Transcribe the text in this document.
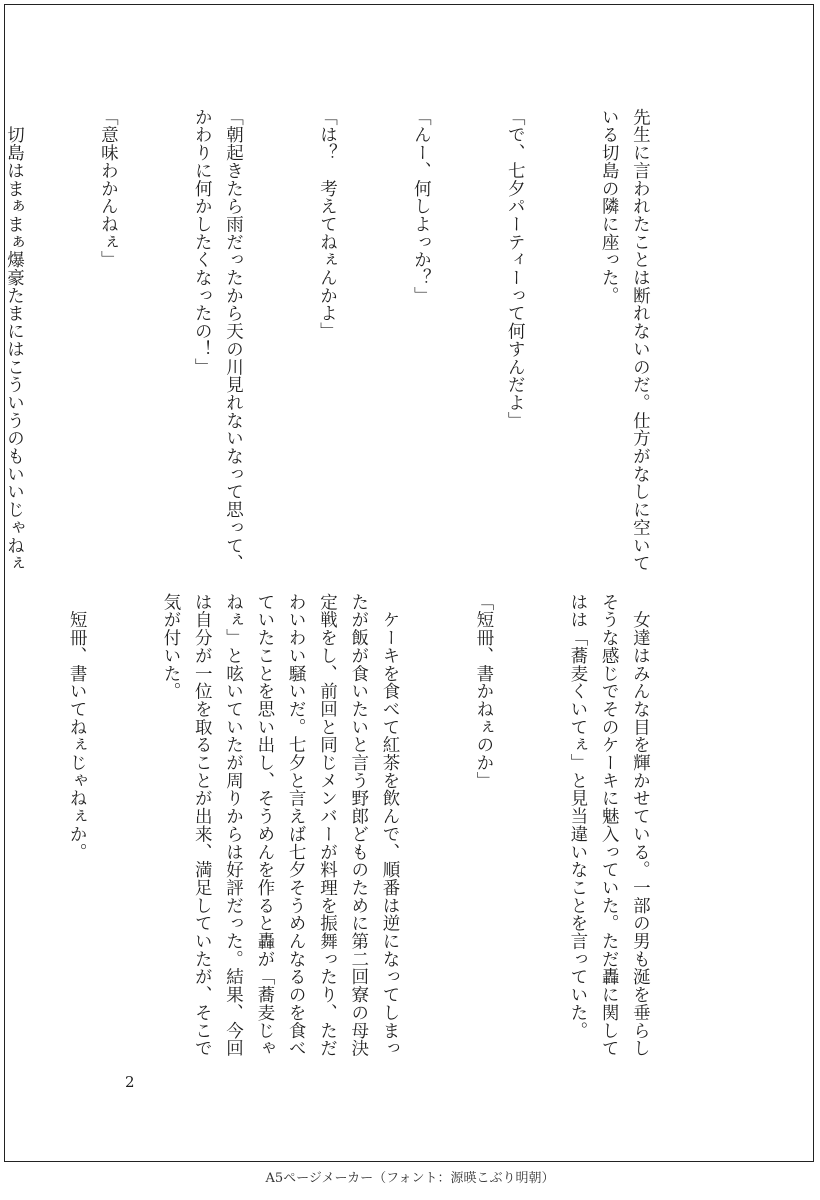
先生に言われたことは断れないのだ。仕方がなしに空いている切島の隣に座った。

「で、七夕パーティーって何すんだよ」

「んー、何しよっか？」

「は？　考えてねぇんかよ」

「朝起きたら雨だったから天の川見れないなって思って、かわりに何かしたくなったの！」

「意味わかんねぇ」

　切島はまぁまぁ爆豪たまにはこういうのもいいじゃねぇ

　女達はみんな目を輝かせている。一部の男も涎を垂らしそうな感じでそのケーキに魅入っていた。ただ轟に関してはは「蕎麦くいてぇ」と見当違いなことを言っていた。

「短冊、書かねぇのか」

　ケーキを食べて紅茶を飲んで、順番は逆になってしまったが飯が食いたいと言う野郎どものために第二回寮の母決定戦をし、前回と同じメンバーが料理を振舞ったり、ただわいわい騒いだ。七夕と言えば七夕そうめんなるのを食べていたことを思い出し、そうめんを作ると轟が「蕎麦じゃねぇ」と呟いていたが周りからは好評だった。結果、今回は自分が一位を取ることが出来、満足していたが、そこで気が付いた。

　短冊、書いてねぇじゃねぇか。

2
A5ページメーカー（フォント：源暎こぶり明朝）
